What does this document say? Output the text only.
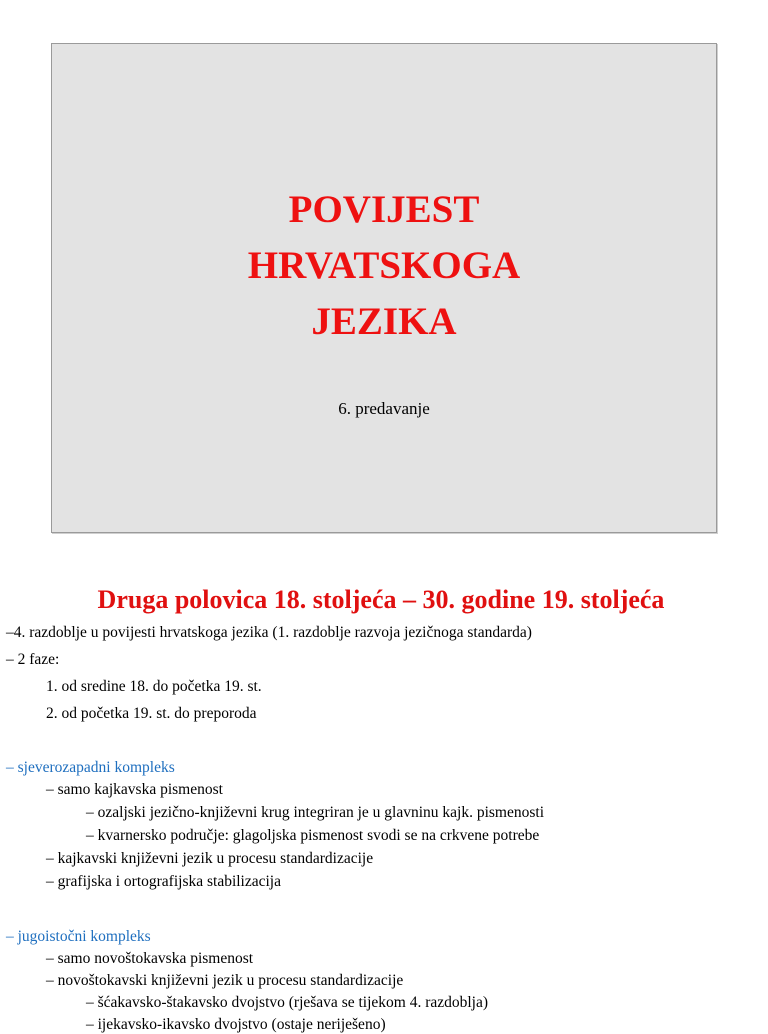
POVIJEST
HRVATSKOGA
JEZIKA

6. predavanje

Druga polovica 18. stoljeća – 30. godine 19. stoljeća

–4. razdoblje u povijesti hrvatskoga jezika (1. razdoblje razvoja jezičnoga standarda)

– 2 faze:

1. od sredine 18. do početka 19. st.

2. od početka 19. st. do preporoda

– sjeverozapadni kompleks

– samo kajkavska pismenost

– ozaljski jezično-književni krug integriran je u glavninu kajk. pismenosti

– kvarnersko područje: glagoljska pismenost svodi se na crkvene potrebe

– kajkavski književni jezik u procesu standardizacije

– grafijska i ortografijska stabilizacija

– jugoistočni kompleks

– samo novoštokavska pismenost

– novoštokavski književni jezik u procesu standardizacije

– šćakavsko-štakavsko dvojstvo (rješava se tijekom 4. razdoblja)

– ijekavsko-ikavsko dvojstvo (ostaje neriješeno)
